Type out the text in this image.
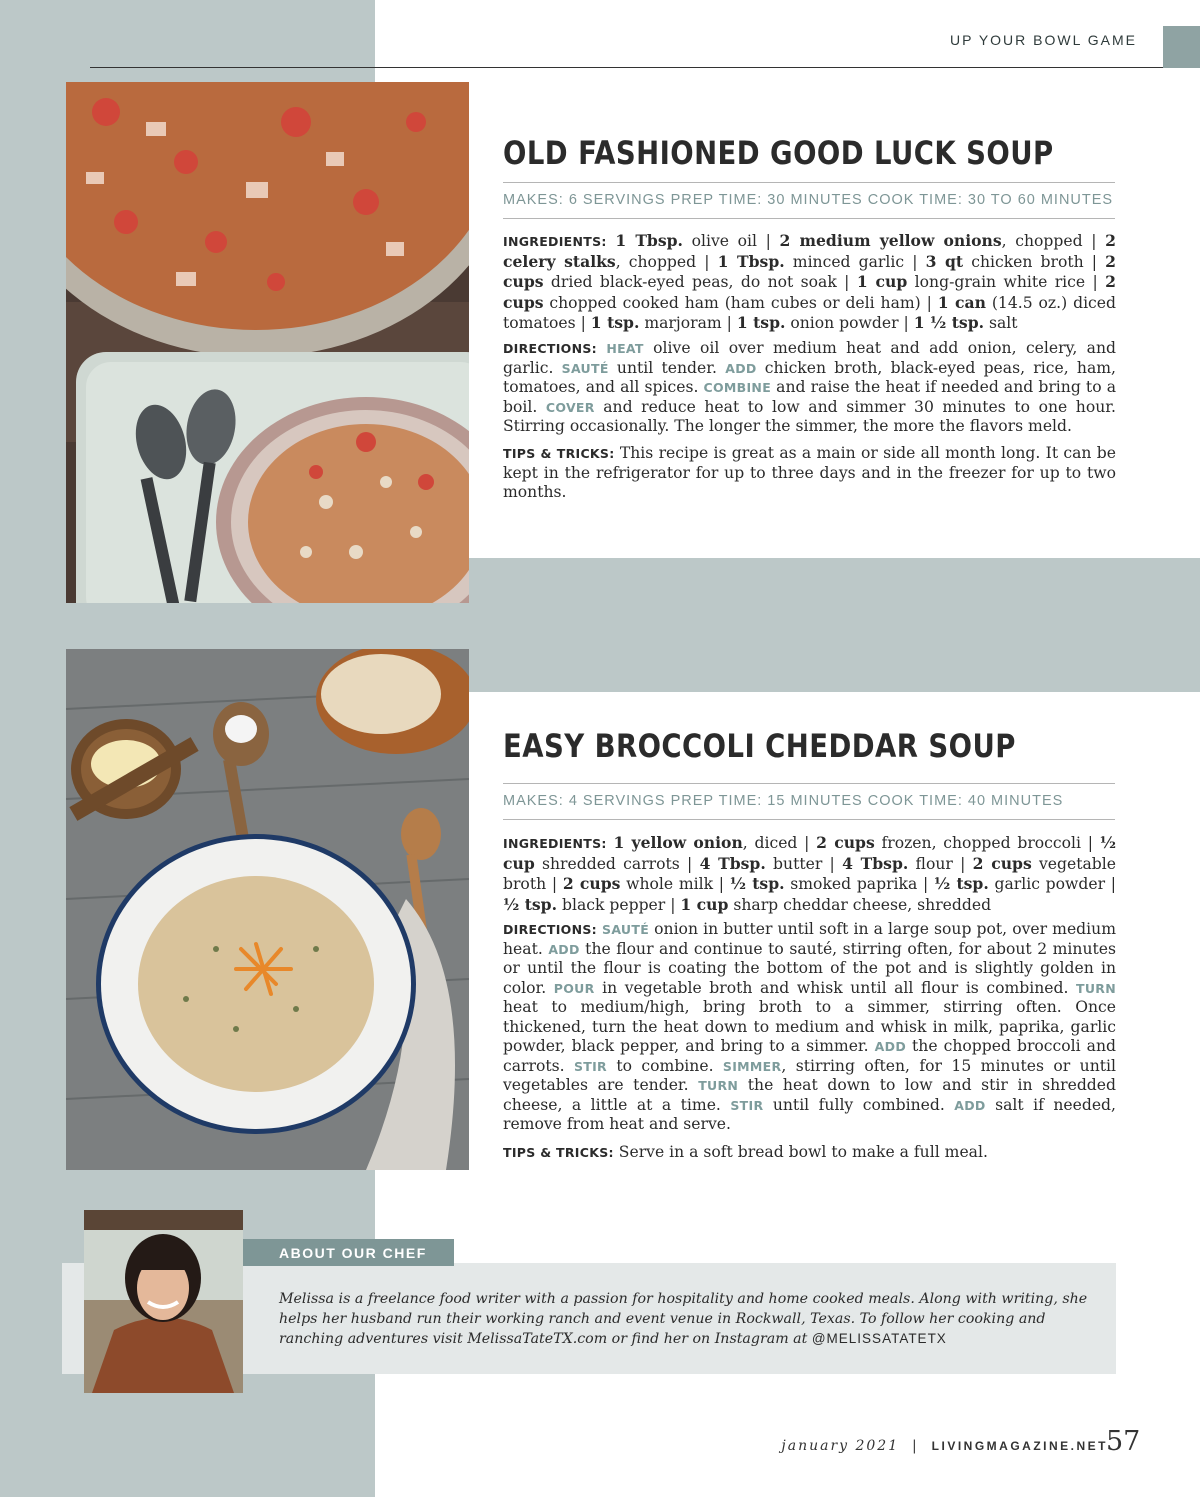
UP YOUR BOWL GAME
OLD FASHIONED GOOD LUCK SOUP
MAKES: 6 SERVINGS PREP TIME: 30 MINUTES COOK TIME: 30 TO 60 MINUTES
INGREDIENTS: 1 Tbsp. olive oil | 2 medium yellow onions, chopped | 2 celery stalks, chopped | 1 Tbsp. minced garlic | 3 qt chicken broth | 2 cups dried black-eyed peas, do not soak | 1 cup long-grain white rice | 2 cups chopped cooked ham (ham cubes or deli ham) | 1 can (14.5 oz.) diced tomatoes | 1 tsp. marjoram | 1 tsp. onion powder | 1 ½ tsp. salt
DIRECTIONS: HEAT olive oil over medium heat and add onion, celery, and garlic. SAUTÉ until tender. ADD chicken broth, black-eyed peas, rice, ham, tomatoes, and all spices. COMBINE and raise the heat if needed and bring to a boil. COVER and reduce heat to low and simmer 30 minutes to one hour. Stirring occasionally. The longer the simmer, the more the flavors meld.
TIPS & TRICKS: This recipe is great as a main or side all month long. It can be kept in the refrigerator for up to three days and in the freezer for up to two months.
EASY BROCCOLI CHEDDAR SOUP
MAKES: 4 SERVINGS PREP TIME: 15 MINUTES COOK TIME: 40 MINUTES
INGREDIENTS: 1 yellow onion, diced | 2 cups frozen, chopped broccoli | ½ cup shredded carrots | 4 Tbsp. butter | 4 Tbsp. flour | 2 cups vegetable broth | 2 cups whole milk | ½ tsp. smoked paprika | ½ tsp. garlic powder | ½ tsp. black pepper | 1 cup sharp cheddar cheese, shredded
DIRECTIONS: SAUTÉ onion in butter until soft in a large soup pot, over medium heat. ADD the flour and continue to sauté, stirring often, for about 2 minutes or until the flour is coating the bottom of the pot and is slightly golden in color. POUR in vegetable broth and whisk until all flour is combined. TURN heat to medium/high, bring broth to a simmer, stirring often. Once thickened, turn the heat down to medium and whisk in milk, paprika, garlic powder, black pepper, and bring to a simmer. ADD the chopped broccoli and carrots. STIR to combine. SIMMER, stirring often, for 15 minutes or until vegetables are tender. TURN the heat down to low and stir in shredded cheese, a little at a time. STIR until fully combined. ADD salt if needed, remove from heat and serve.
TIPS & TRICKS: Serve in a soft bread bowl to make a full meal.
ABOUT OUR CHEF
Melissa is a freelance food writer with a passion for hospitality and home cooked meals. Along with writing, she helps her husband run their working ranch and event venue in Rockwall, Texas. To follow her cooking and ranching adventures visit MelissaTateTX.com or find her on Instagram at @MELISSATATETX
january 2021 | LIVINGMAGAZINE.NET
57
